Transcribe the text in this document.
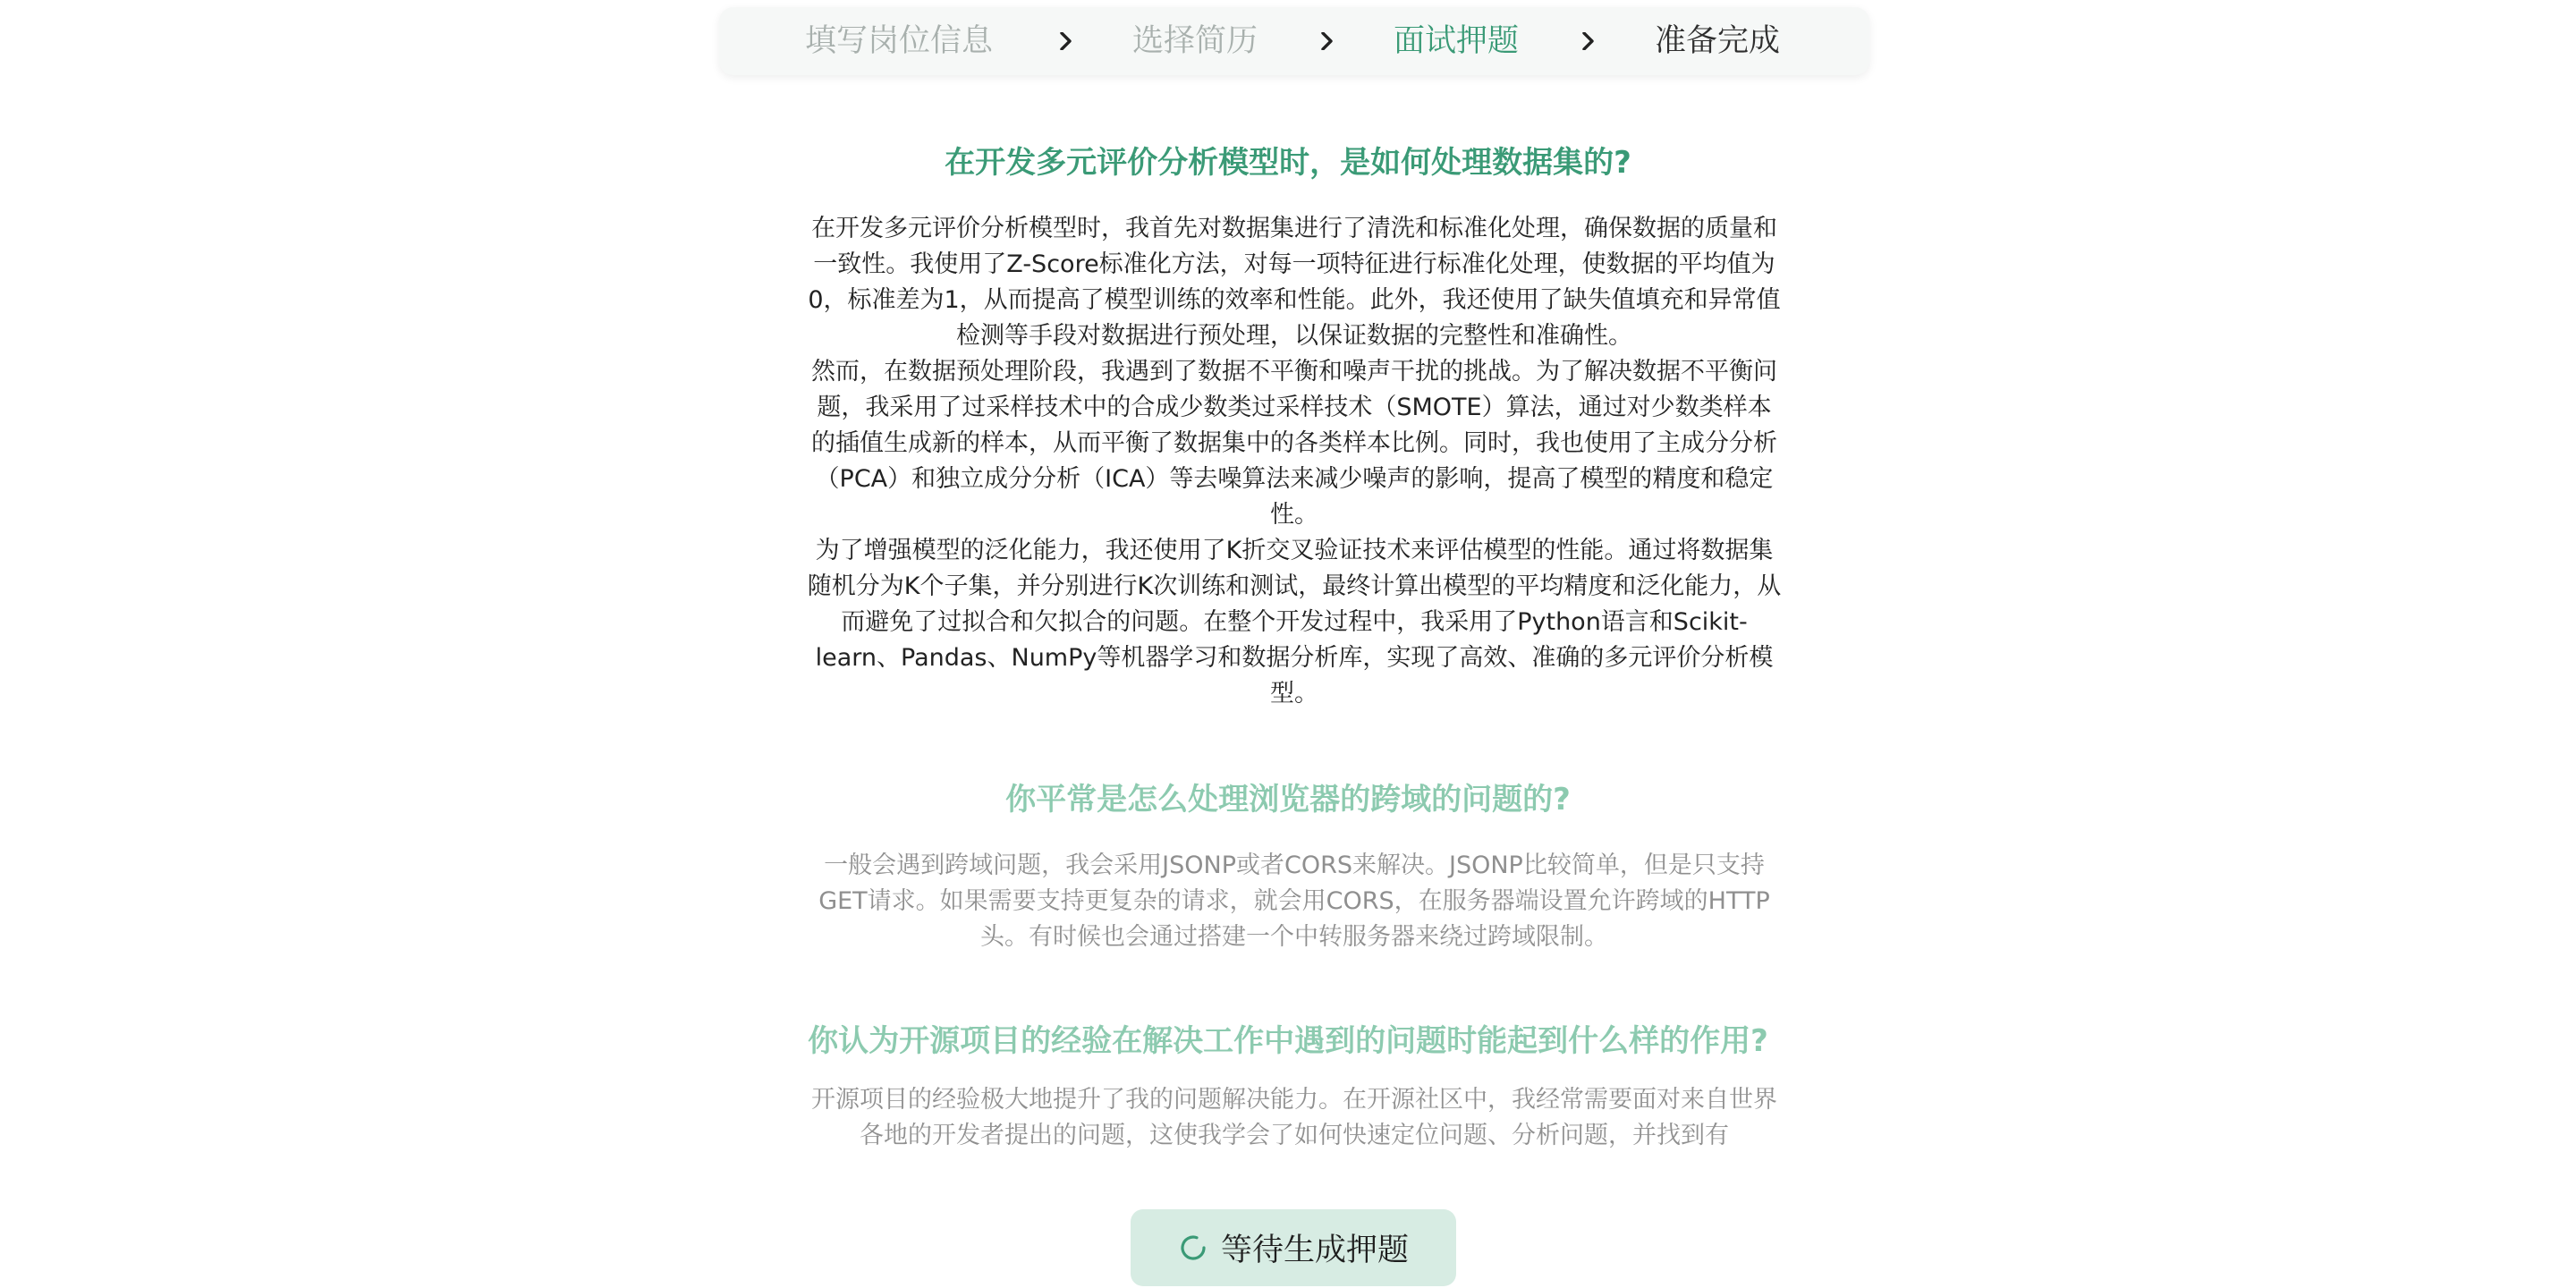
填写岗位信息	选择简历	面试押题	准备完成
在开发多元评价分析模型时，是如何处理数据集的?

在开发多元评价分析模型时，我首先对数据集进行了清洗和标准化处理，确保数据的质量和一致性。我使用了Z-Score标准化方法，对每一项特征进行标准化处理，使数据的平均值为0，标准差为1，从而提高了模型训练的效率和性能。此外，我还使用了缺失值填充和异常值检测等手段对数据进行预处理，以保证数据的完整性和准确性。

然而，在数据预处理阶段，我遇到了数据不平衡和噪声干扰的挑战。为了解决数据不平衡问题，我采用了过采样技术中的合成少数类过采样技术（SMOTE）算法，通过对少数类样本的插值生成新的样本，从而平衡了数据集中的各类样本比例。同时，我也使用了主成分分析（PCA）和独立成分分析（ICA）等去噪算法来减少噪声的影响，提高了模型的精度和稳定性。

为了增强模型的泛化能力，我还使用了K折交叉验证技术来评估模型的性能。通过将数据集随机分为K个子集，并分别进行K次训练和测试，最终计算出模型的平均精度和泛化能力，从而避免了过拟合和欠拟合的问题。在整个开发过程中，我采用了Python语言和Scikit-learn、Pandas、NumPy等机器学习和数据分析库，实现了高效、准确的多元评价分析模型。

你平常是怎么处理浏览器的跨域的问题的?

一般会遇到跨域问题，我会采用JSONP或者CORS来解决。JSONP比较简单，但是只支持GET请求。如果需要支持更复杂的请求，就会用CORS，在服务器端设置允许跨域的HTTP头。有时候也会通过搭建一个中转服务器来绕过跨域限制。

你认为开源项目的经验在解决工作中遇到的问题时能起到什么样的作用?

开源项目的经验极大地提升了我的问题解决能力。在开源社区中，我经常需要面对来自世界各地的开发者提出的问题，这使我学会了如何快速定位问题、分析问题，并找到有

等待生成押题
